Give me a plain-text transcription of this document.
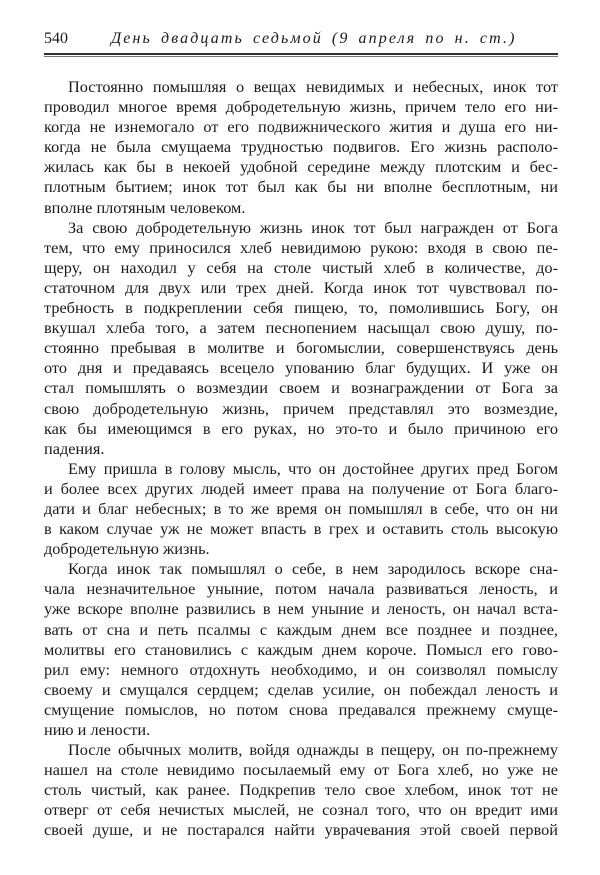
540	День двадцать седьмой (9 апреля по н. ст.)
Постоянно помышляя о вещах невидимых и небесных, инок тот
проводил многое время добродетельную жизнь, причем тело его ни-
когда не изнемогало от его подвижнического жития и душа его ни-
когда не была смущаема трудностью подвигов. Его жизнь располо-
жилась как бы в некоей удобной середине между плотским и бес-
плотным бытием; инок тот был как бы ни вполне бесплотным, ни
вполне плотяным человеком.
За свою добродетельную жизнь инок тот был награжден от Бога
тем, что ему приносился хлеб невидимою рукою: входя в свою пе-
щеру, он находил у себя на столе чистый хлеб в количестве, до-
статочном для двух или трех дней. Когда инок тот чувствовал по-
требность в подкреплении себя пищею, то, помолившись Богу, он
вкушал хлеба того, а затем песнопением насыщал свою душу, по-
стоянно пребывая в молитве и богомыслии, совершенствуясь день
ото дня и предаваясь всецело упованию благ будущих. И уже он
стал помышлять о возмездии своем и вознаграждении от Бога за
свою добродетельную жизнь, причем представлял это возмездие,
как бы имеющимся в его руках, но это-то и было причиною его
падения.
Ему пришла в голову мысль, что он достойнее других пред Богом
и более всех других людей имеет права на получение от Бога благо-
дати и благ небесных; в то же время он помышлял в себе, что он ни
в каком случае уж не может впасть в грех и оставить столь высокую
добродетельную жизнь.
Когда инок так помышлял о себе, в нем зародилось вскоре сна-
чала незначительное уныние, потом начала развиваться леность, и
уже вскоре вполне развились в нем уныние и леность, он начал вста-
вать от сна и петь псалмы с каждым днем все позднее и позднее,
молитвы его становились с каждым днем короче. Помысл его гово-
рил ему: немного отдохнуть необходимо, и он соизволял помыслу
своему и смущался сердцем; сделав усилие, он побеждал леность и
смущение помыслов, но потом снова предавался прежнему смуще-
нию и лености.
После обычных молитв, войдя однажды в пещеру, он по-прежнему
нашел на столе невидимо посылаемый ему от Бога хлеб, но уже не
столь чистый, как ранее. Подкрепив тело свое хлебом, инок тот не
отверг от себя нечистых мыслей, не сознал того, что он вредит ими
своей душе, и не постарался найти уврачевания этой своей первой
